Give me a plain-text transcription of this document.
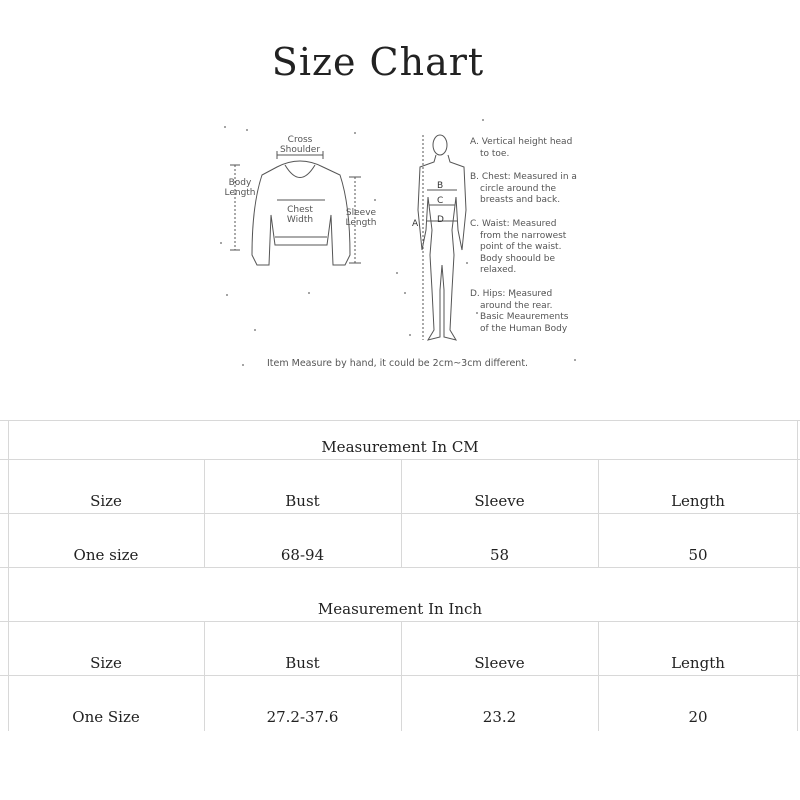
Size Chart
Cross
Shoulder
Body
Length
Chest
Width
Sleeve
Length	A
B
C
D
A. Vertical height head
to toe.
B. Chest: Measured in a
circle around the
breasts and back.
C. Waist: Measured
from the narrowest
point of the waist.
Body shoould be
relaxed.
D. Hips: Measured
around the rear.
Basic Meaurements
of the Human Body
Item Measure by hand, it could be 2cm~3cm different.
Measurement In CM
Size	Bust	Sleeve	Length
One size	68-94	58	50
Measurement In Inch
Size	Bust	Sleeve	Length
One Size	27.2-37.6	23.2	20
